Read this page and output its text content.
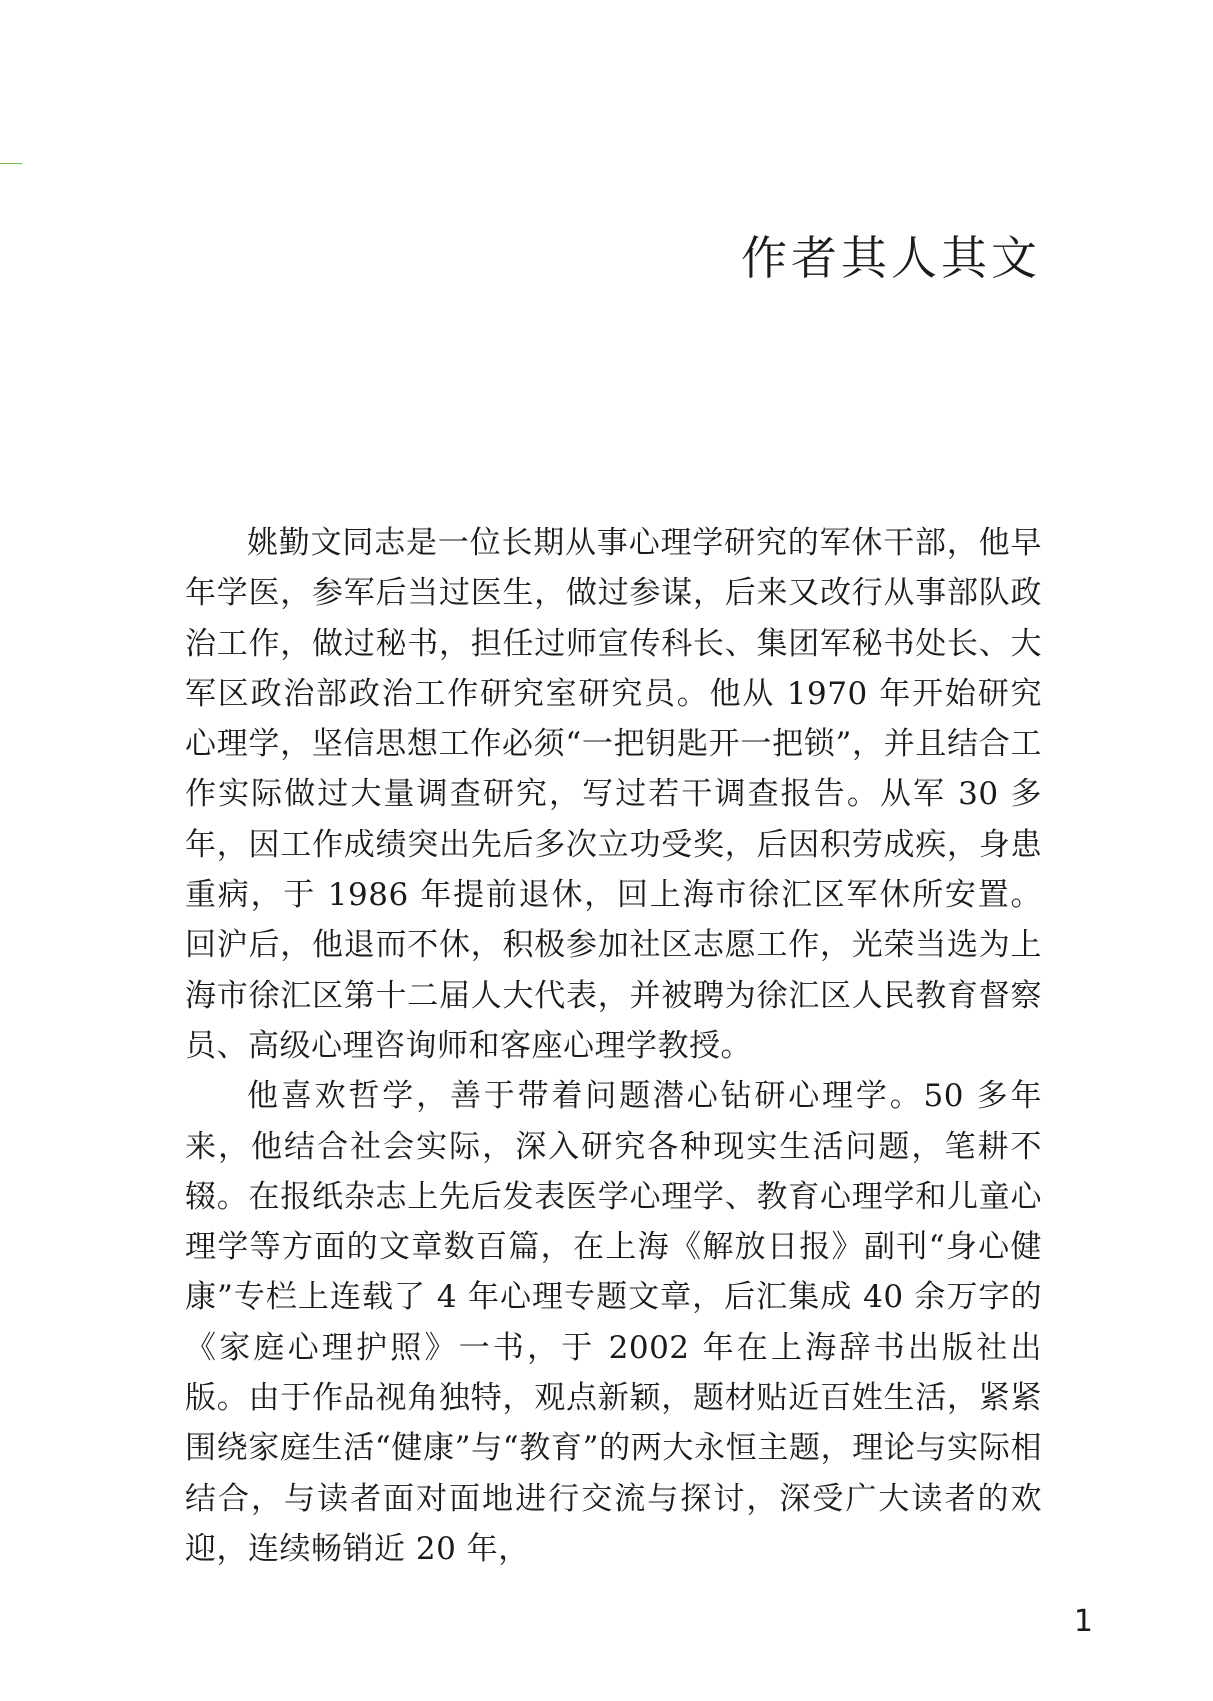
作者其人其文

姚勤文同志是一位长期从事心理学研究的军休干部，他早年学医，参军后当过医生，做过参谋，后来又改行从事部队政治工作，做过秘书，担任过师宣传科长、集团军秘书处长、大军区政治部政治工作研究室研究员。他从 1970 年开始研究心理学，坚信思想工作必须“一把钥匙开一把锁”，并且结合工作实际做过大量调查研究，写过若干调查报告。从军 30 多年，因工作成绩突出先后多次立功受奖，后因积劳成疾，身患重病，于 1986 年提前退休，回上海市徐汇区军休所安置。回沪后，他退而不休，积极参加社区志愿工作，光荣当选为上海市徐汇区第十二届人大代表，并被聘为徐汇区人民教育督察员、高级心理咨询师和客座心理学教授。

他喜欢哲学，善于带着问题潜心钻研心理学。50 多年来，他结合社会实际，深入研究各种现实生活问题，笔耕不辍。在报纸杂志上先后发表医学心理学、教育心理学和儿童心理学等方面的文章数百篇，在上海《解放日报》副刊“身心健康”专栏上连载了 4 年心理专题文章，后汇集成 40 余万字的《家庭心理护照》一书，于 2002 年在上海辞书出版社出版。由于作品视角独特，观点新颖，题材贴近百姓生活，紧紧围绕家庭生活“健康”与“教育”的两大永恒主题，理论与实际相结合，与读者面对面地进行交流与探讨，深受广大读者的欢迎，连续畅销近 20 年，

1
